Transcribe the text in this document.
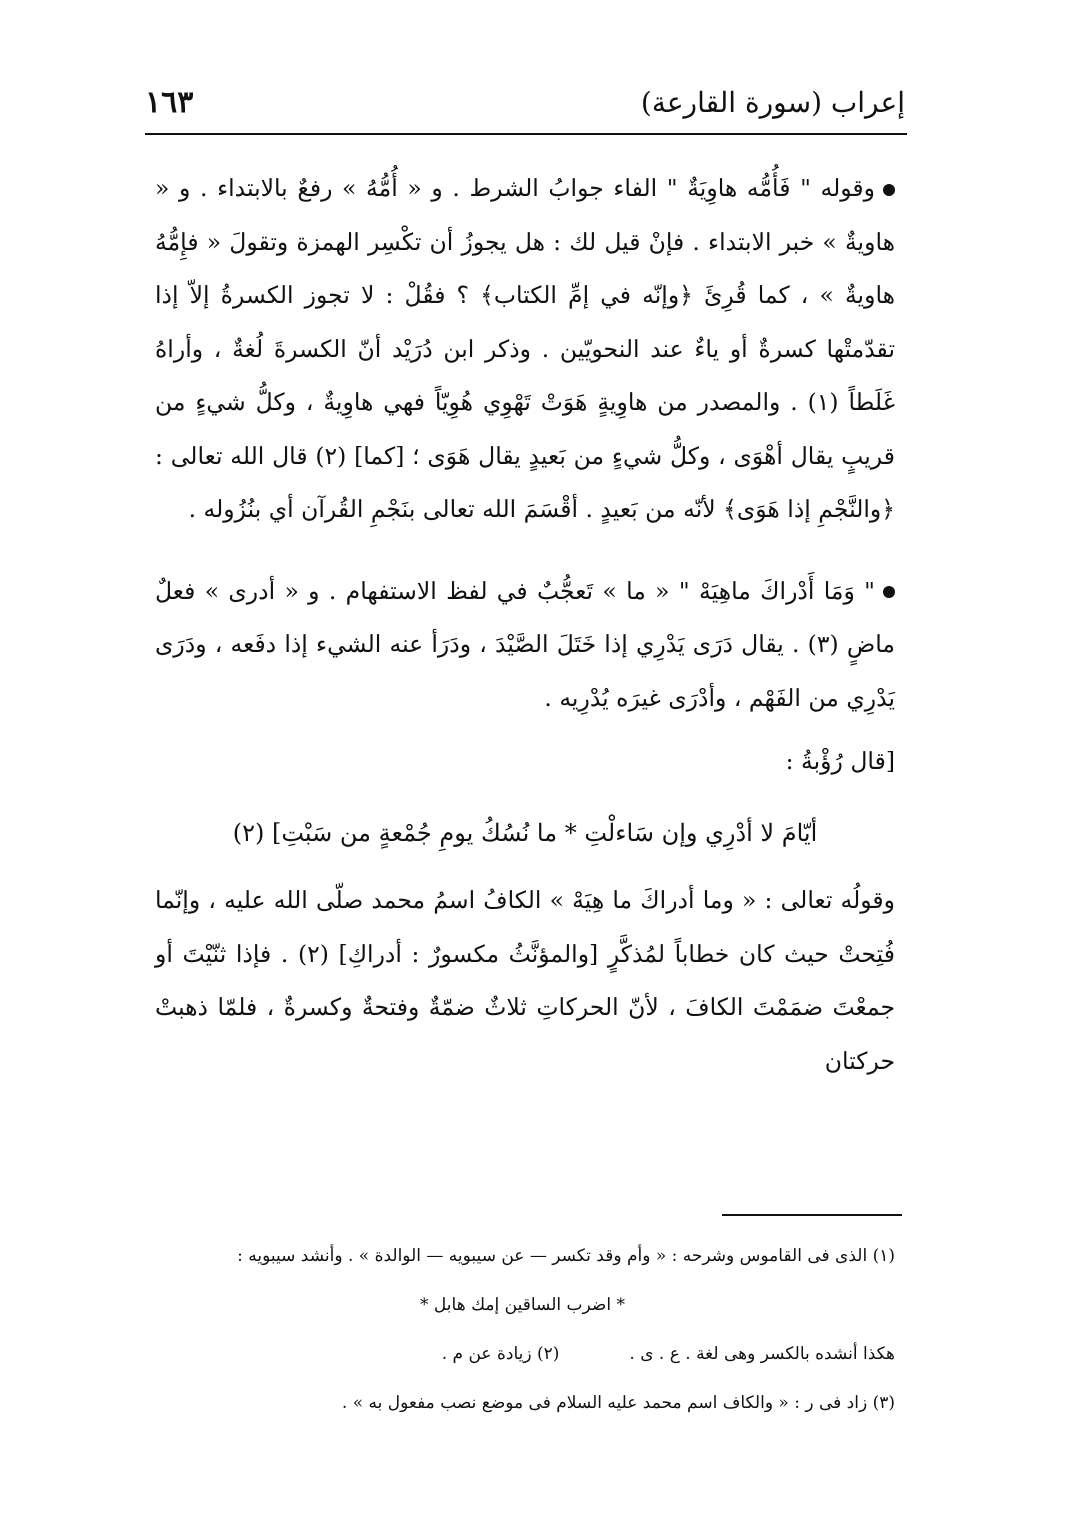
إعراب (سورة القارعة)
١٦٣

وقوله " فَأُمُّه هاوِيَةٌ " الفاء جوابُ الشرط . و « أُمُّهُ » رفعٌ بالابتداء . و « هاويةٌ » خبر الابتداء . فإنْ قيل لك : هل يجوزُ أن تكْسِر الهمزة وتقولَ « فإِمُّهُ هاويةٌ » ، كما قُرِئَ ﴿وإنّه في إمِّ الكتاب﴾ ؟ فقُلْ : لا تجوز الكسرةُ إلاّ إذا تقدّمتْها كسرةٌ أو ياءٌ عند النحويّين . وذكر ابن دُرَيْد أنّ الكسرةَ لُغةٌ ، وأراهُ غَلَطاً (١) . والمصدر من هاوِيةٍ هَوَتْ تَهْوِي هُوِيّاً فهي هاوِيةٌ ، وكلُّ شيءٍ من قريبٍ يقال أهْوَى ، وكلُّ شيءٍ من بَعيدٍ يقال هَوَى ؛ [كما] (٢) قال الله تعالى : ﴿والنَّجْمِ إذا هَوَى﴾ لأنّه من بَعيدٍ . أقْسَمَ الله تعالى بنَجْمِ القُرآن أي بنُزُوله .

" وَمَا أَدْراكَ ماهِيَهْ " « ما » تَعجُّبٌ في لفظ الاستفهام . و « أدرى » فعلٌ ماضٍ (٣) . يقال دَرَى يَدْرِي إذا خَتَلَ الصَّيْدَ ، ودَرَأ عنه الشيء إذا دفَعه ، ودَرَى يَدْرِي من الفَهْم ، وأدْرَى غيرَه يُدْرِيه .

[قال رُؤْبةُ :

أيّامَ لا أدْرِي وإن سَاءلْتِ * ما نُسُكُ يومِ جُمْعةٍ من سَبْتِ] (٢)

وقولُه تعالى : « وما أدراكَ ما هِيَهْ » الكافُ اسمُ محمد صلّى الله عليه ، وإنّما فُتِحتْ حيث كان خطاباً لمُذكَّرٍ [والمؤنَّثُ مكسورٌ : أدراكِ] (٢) . فإذا ثنّيْتَ أو جمعْتَ ضمَمْتَ الكافَ ، لأنّ الحركاتِ ثلاثٌ ضمّةٌ وفتحةٌ وكسرةٌ ، فلمّا ذهبتْ حركتان

(١) الذى فى القاموس وشرحه : « وأم وقد تكسر — عن سيبويه — الوالدة » . وأنشد سيبويه :

* اضرب الساقين إمك هابل *

هكذا أنشده بالكسر وهى لغة . ع . ى .
(٢) زيادة عن م .

(٣) زاد فى ر : « والكاف اسم محمد عليه السلام فى موضع نصب مفعول به » .
